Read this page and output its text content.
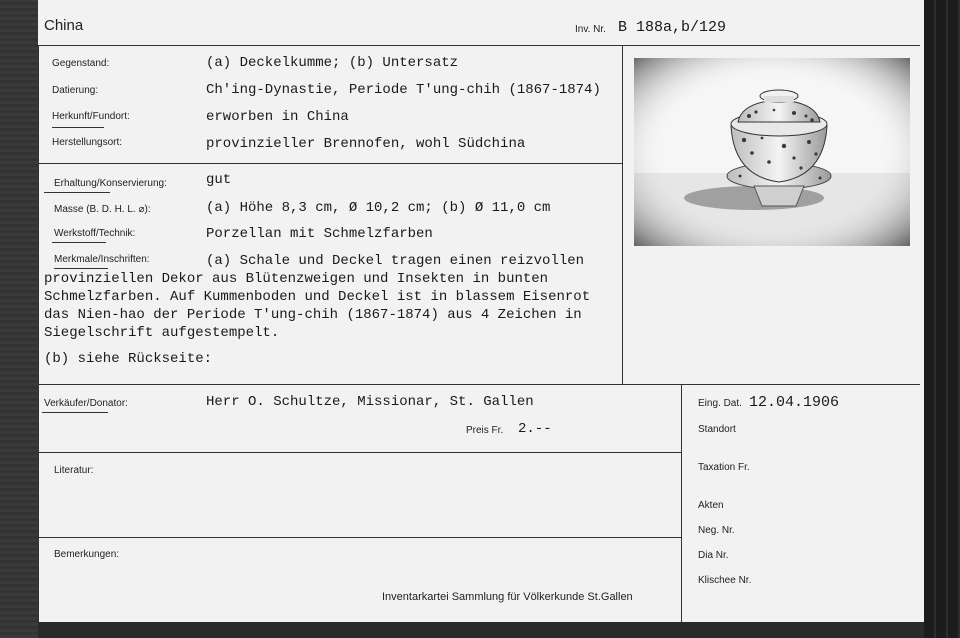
China	Inv. Nr. B 188a,b/129
Gegenstand:	(a) Deckelkumme; (b) Untersatz
Datierung:	Ch'ing-Dynastie, Periode T'ung-chih (1867-1874)
Herkunft/Fundort:	erworben in China
Herstellungsort:	provinzieller Brennofen, wohl Südchina
Erhaltung/Konservierung:	gut
Masse (B. D. H. L. ⌀):	(a) Höhe 8,3 cm, Ø 10,2 cm; (b) Ø 11,0 cm
Werkstoff/Technik:	Porzellan mit Schmelzfarben
Merkmale/Inschriften:	(a) Schale und Deckel tragen einen reizvollen
provinziellen Dekor aus Blütenzweigen und Insekten in bunten
Schmelzfarben. Auf Kummenboden und Deckel ist in blassem Eisenrot
das Nien-hao der Periode T'ung-chih (1867-1874) aus 4 Zeichen in
Siegelschrift aufgestempelt.
(b) siehe Rückseite:
Verkäufer/Donator:	Herr O. Schultze, Missionar, St. Gallen
Preis Fr. 2.--
Literatur:
Bemerkungen:
Inventarkartei Sammlung für Völkerkunde St.Gallen
Eing. Dat. 12.04.1906
Standort
Taxation Fr.
Akten
Neg. Nr.
Dia Nr.
Klischee Nr.
